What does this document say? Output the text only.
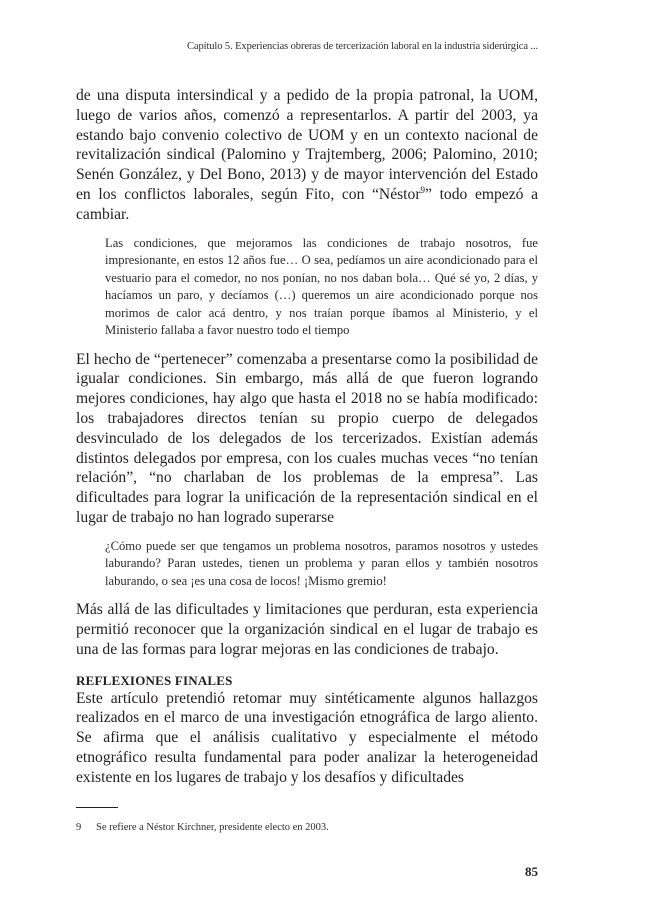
Capítulo 5. Experiencias obreras de tercerización laboral en la industria siderúrgica ...

de una disputa intersindical y a pedido de la propia patronal, la UOM, luego de varios años, comenzó a representarlos. A partir del 2003, ya estando bajo convenio colectivo de UOM y en un contexto nacional de revitalización sindical (Palomino y Trajtemberg, 2006; Palomino, 2010; Senén González, y Del Bono, 2013) y de mayor intervención del Estado en los conflictos laborales, según Fito, con “Néstor$^9$” todo empezó a cambiar.

Las condiciones, que mejoramos las condiciones de trabajo nosotros, fue impresionante, en estos 12 años fue… O sea, pedíamos un aire acondicionado para el vestuario para el comedor, no nos ponían, no nos daban bola… Qué sé yo, 2 días, y hacíamos un paro, y decíamos (…) queremos un aire acondicionado porque nos morimos de calor acá dentro, y nos traían porque íbamos al Ministerio, y el Ministerio fallaba a favor nuestro todo el tiempo

El hecho de “pertenecer” comenzaba a presentarse como la posibilidad de igualar condiciones. Sin embargo, más allá de que fueron logrando mejores condiciones, hay algo que hasta el 2018 no se había modificado: los trabajadores directos tenían su propio cuerpo de delegados desvinculado de los delegados de los tercerizados. Existían además distintos delegados por empresa, con los cuales muchas veces “no tenían relación”, “no charlaban de los problemas de la empresa”. Las dificultades para lograr la unificación de la representación sindical en el lugar de trabajo no han logrado superarse

¿Cómo puede ser que tengamos un problema nosotros, paramos nosotros y ustedes laburando? Paran ustedes, tienen un problema y paran ellos y también nosotros laburando, o sea ¡es una cosa de locos! ¡Mismo gremio!

Más allá de las dificultades y limitaciones que perduran, esta experiencia permitió reconocer que la organización sindical en el lugar de trabajo es una de las formas para lograr mejoras en las condiciones de trabajo.

REFLEXIONES FINALES

Este artículo pretendió retomar muy sintéticamente algunos hallazgos realizados en el marco de una investigación etnográfica de largo aliento. Se afirma que el análisis cualitativo y especialmente el método etnográfico resulta fundamental para poder analizar la heterogeneidad existente en los lugares de trabajo y los desafíos y dificultades

9 Se refiere a Néstor Kirchner, presidente electo en 2003.
85
